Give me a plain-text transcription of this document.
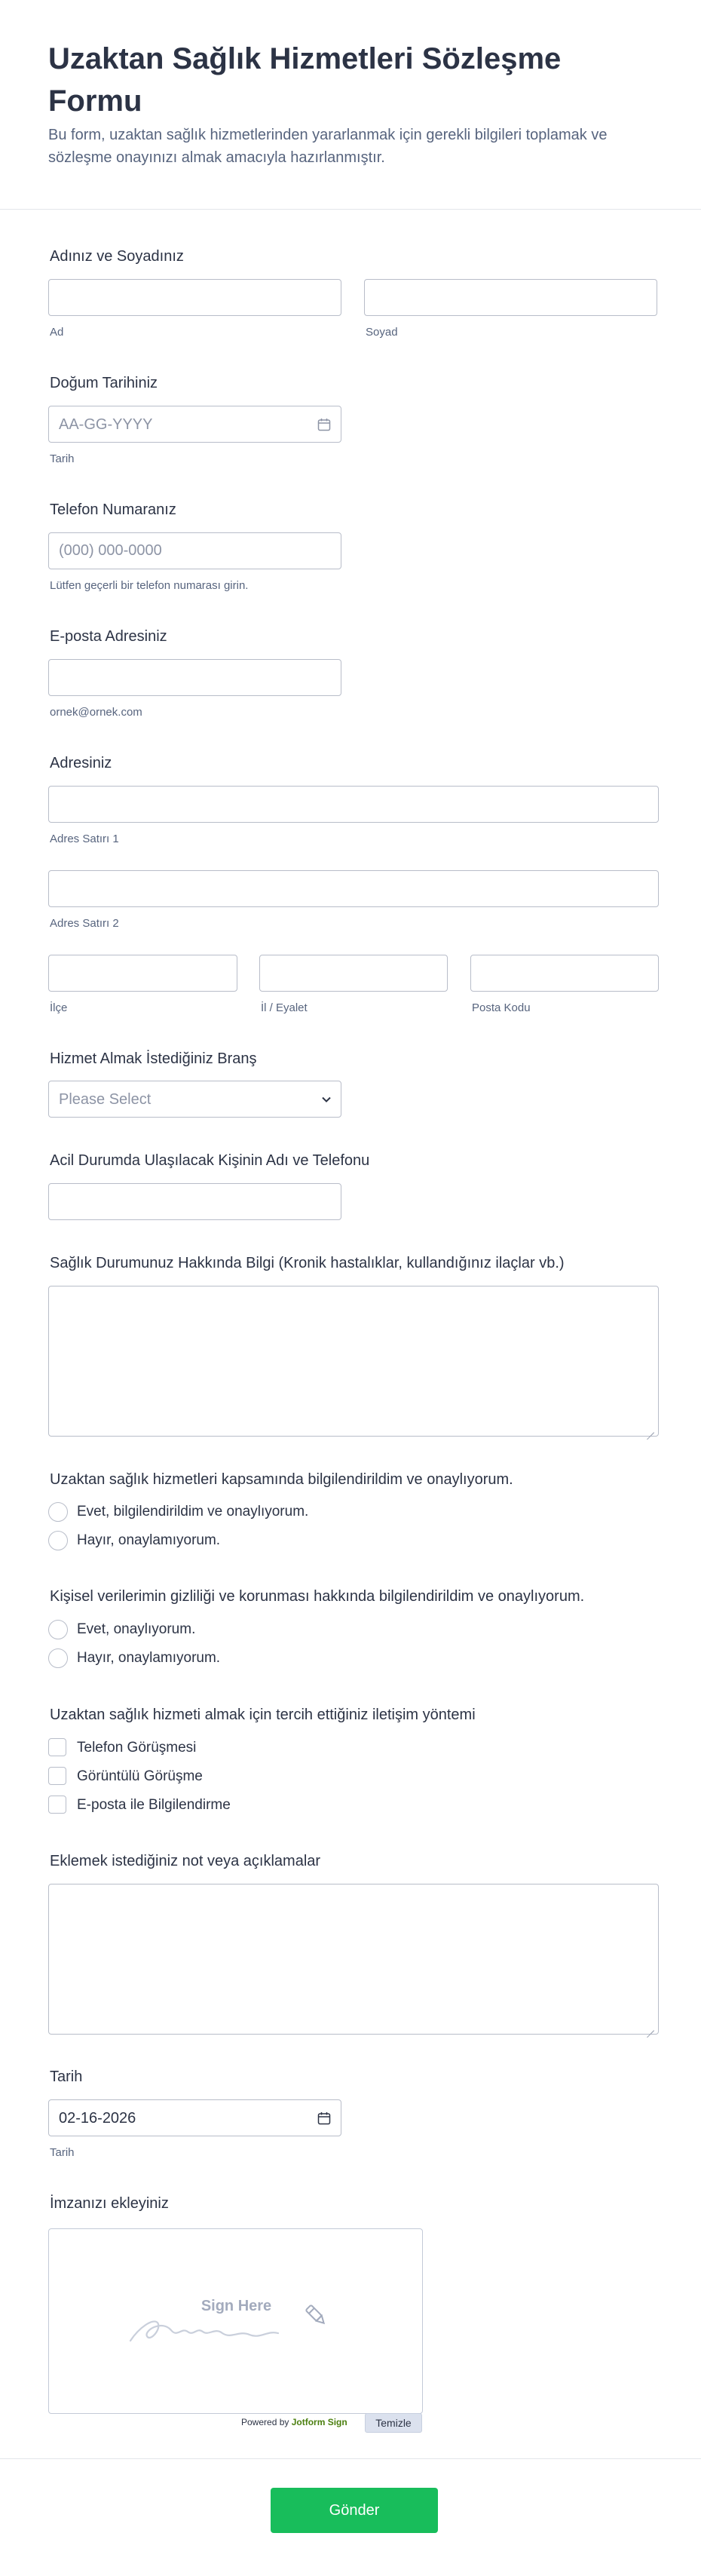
Uzaktan Sağlık Hizmetleri Sözleşme Formu

Bu form, uzaktan sağlık hizmetlerinden yararlanmak için gerekli bilgileri toplamak ve sözleşme onayınızı almak amacıyla hazırlanmıştır.

Adınız ve Soyadınız
Ad	Soyad
Doğum Tarihiniz
AA-GG-YYYY
Tarih
Telefon Numaranız
(000) 000-0000
Lütfen geçerli bir telefon numarası girin.
E-posta Adresiniz
ornek@ornek.com
Adresiniz
Adres Satırı 1
Adres Satırı 2
İlçe	İl / Eyalet	Posta Kodu
Hizmet Almak İstediğiniz Branş
Please Select
Acil Durumda Ulaşılacak Kişinin Adı ve Telefonu
Sağlık Durumunuz Hakkında Bilgi (Kronik hastalıklar, kullandığınız ilaçlar vb.)
Uzaktan sağlık hizmetleri kapsamında bilgilendirildim ve onaylıyorum.
Evet, bilgilendirildim ve onaylıyorum.
Hayır, onaylamıyorum.
Kişisel verilerimin gizliliği ve korunması hakkında bilgilendirildim ve onaylıyorum.
Evet, onaylıyorum.
Hayır, onaylamıyorum.
Uzaktan sağlık hizmeti almak için tercih ettiğiniz iletişim yöntemi
Telefon Görüşmesi
Görüntülü Görüşme
E-posta ile Bilgilendirme
Eklemek istediğiniz not veya açıklamalar
Tarih
02-16-2026
Tarih
İmzanızı ekleyiniz
Sign Here
Powered by Jotform Sign	Temizle
Gönder
